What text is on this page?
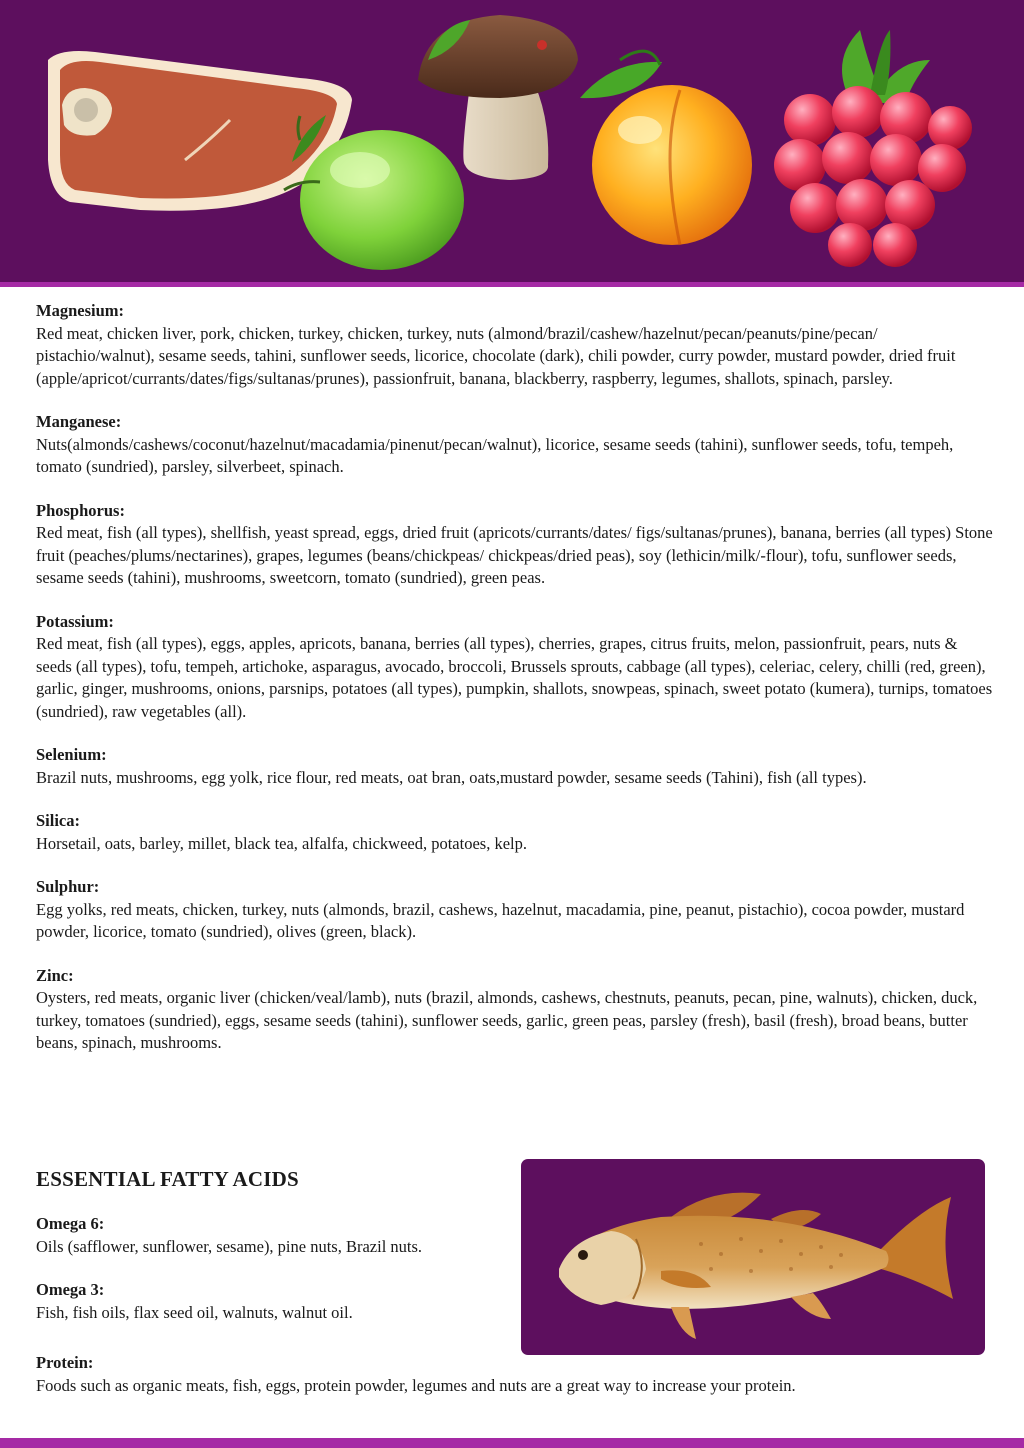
Magnesium:
Red meat, chicken liver, pork, chicken, turkey, chicken, turkey, nuts (almond/brazil/cashew/hazelnut/pecan/peanuts/pine/pecan/ pistachio/walnut), sesame seeds, tahini, sunflower seeds, licorice, chocolate (dark), chili powder, curry powder, mustard powder, dried fruit (apple/apricot/currants/dates/figs/sultanas/prunes), passionfruit, banana, blackberry, raspberry, legumes, shallots, spinach, parsley.
Manganese:
Nuts(almonds/cashews/coconut/hazelnut/macadamia/pinenut/pecan/walnut), licorice, sesame seeds (tahini), sunflower seeds, tofu, tempeh, tomato (sundried), parsley, silverbeet, spinach.
Phosphorus:
Red meat, fish (all types), shellfish, yeast spread, eggs, dried fruit (apricots/currants/dates/ figs/sultanas/prunes), banana, berries (all types) Stone fruit (peaches/plums/nectarines), grapes, legumes (beans/chickpeas/ chickpeas/dried peas), soy (lethicin/milk/-flour), tofu, sunflower seeds, sesame seeds (tahini), mushrooms, sweetcorn, tomato (sundried), green peas.
Potassium:
Red meat, fish (all types), eggs, apples, apricots, banana, berries (all types), cherries, grapes, citrus fruits, melon, passionfruit, pears, nuts & seeds (all types), tofu, tempeh, artichoke, asparagus, avocado, broccoli, Brussels sprouts, cabbage (all types), celeriac, celery, chilli (red, green), garlic, ginger, mushrooms, onions, parsnips, potatoes (all types), pumpkin, shallots, snowpeas, spinach, sweet potato (kumera), turnips, tomatoes (sundried), raw vegetables (all).
Selenium:
Brazil nuts, mushrooms, egg yolk, rice flour, red meats, oat bran, oats,mustard powder, sesame seeds (Tahini), fish (all types).
Silica:
Horsetail, oats, barley, millet, black tea, alfalfa, chickweed, potatoes, kelp.
Sulphur:
Egg yolks, red meats, chicken, turkey, nuts (almonds, brazil, cashews, hazelnut, macadamia, pine, peanut, pistachio), cocoa powder, mustard powder, licorice, tomato (sundried), olives (green, black).
Zinc:
Oysters, red meats, organic liver (chicken/veal/lamb), nuts (brazil, almonds, cashews, chestnuts, peanuts, pecan, pine, walnuts), chicken, duck, turkey, tomatoes (sundried), eggs, sesame seeds (tahini), sunflower seeds, garlic, green peas, parsley (fresh), basil (fresh), broad beans, butter beans, spinach, mushrooms.
ESSENTIAL FATTY ACIDS
Omega 6:
Oils (safflower, sunflower, sesame), pine nuts, Brazil nuts.
Omega 3:
Fish, fish oils, flax seed oil, walnuts, walnut oil.
Protein:
Foods such as organic meats, fish, eggs, protein powder, legumes and nuts are a great way to increase your protein.
